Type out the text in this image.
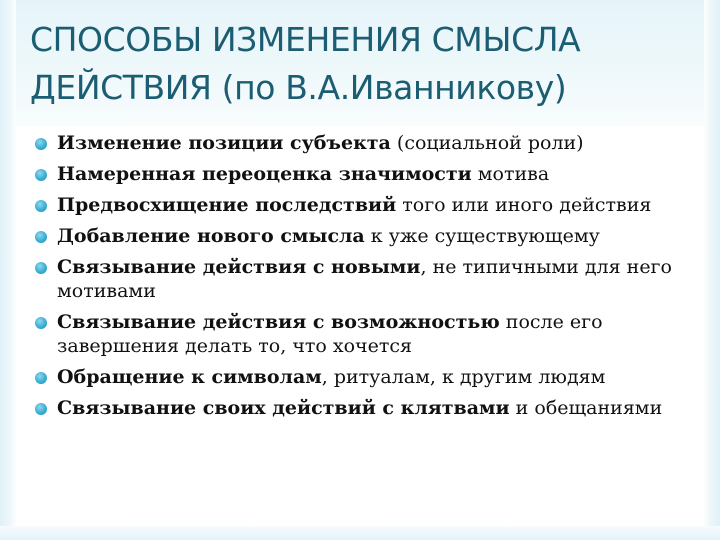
СПОСОБЫ ИЗМЕНЕНИЯ СМЫСЛА
ДЕЙСТВИЯ (по В.А.Иванникову)
Изменение позиции субъекта (социальной роли)
Намеренная переоценка значимости мотива
Предвосхищение последствий того или иного действия
Добавление нового смысла к уже существующему
Связывание действия с новыми, не типичными для него мотивами
Связывание действия с возможностью после его завершения делать то, что хочется
Обращение к символам, ритуалам, к другим людям
Связывание своих действий с клятвами и обещаниями
